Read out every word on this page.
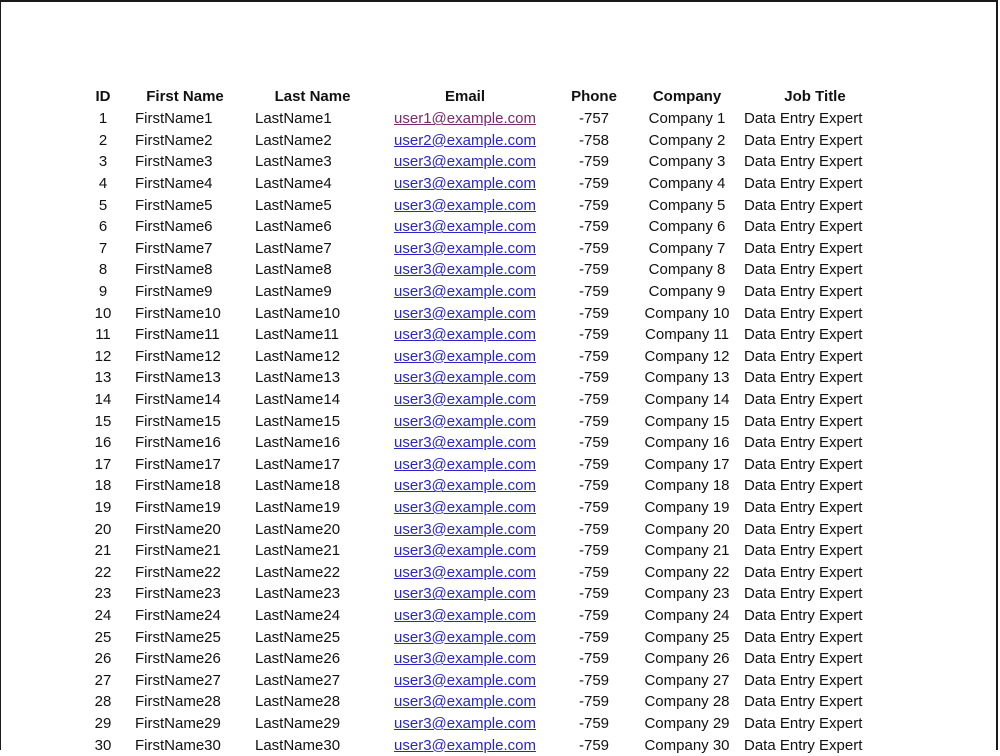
ID	First Name	Last Name	Email	Phone	Company	Job Title
1	FirstName1	LastName1	user1@example.com	-757	Company 1	Data Entry Expert
2	FirstName2	LastName2	user2@example.com	-758	Company 2	Data Entry Expert
3	FirstName3	LastName3	user3@example.com	-759	Company 3	Data Entry Expert
4	FirstName4	LastName4	user3@example.com	-759	Company 4	Data Entry Expert
5	FirstName5	LastName5	user3@example.com	-759	Company 5	Data Entry Expert
6	FirstName6	LastName6	user3@example.com	-759	Company 6	Data Entry Expert
7	FirstName7	LastName7	user3@example.com	-759	Company 7	Data Entry Expert
8	FirstName8	LastName8	user3@example.com	-759	Company 8	Data Entry Expert
9	FirstName9	LastName9	user3@example.com	-759	Company 9	Data Entry Expert
10	FirstName10	LastName10	user3@example.com	-759	Company 10	Data Entry Expert
11	FirstName11	LastName11	user3@example.com	-759	Company 11	Data Entry Expert
12	FirstName12	LastName12	user3@example.com	-759	Company 12	Data Entry Expert
13	FirstName13	LastName13	user3@example.com	-759	Company 13	Data Entry Expert
14	FirstName14	LastName14	user3@example.com	-759	Company 14	Data Entry Expert
15	FirstName15	LastName15	user3@example.com	-759	Company 15	Data Entry Expert
16	FirstName16	LastName16	user3@example.com	-759	Company 16	Data Entry Expert
17	FirstName17	LastName17	user3@example.com	-759	Company 17	Data Entry Expert
18	FirstName18	LastName18	user3@example.com	-759	Company 18	Data Entry Expert
19	FirstName19	LastName19	user3@example.com	-759	Company 19	Data Entry Expert
20	FirstName20	LastName20	user3@example.com	-759	Company 20	Data Entry Expert
21	FirstName21	LastName21	user3@example.com	-759	Company 21	Data Entry Expert
22	FirstName22	LastName22	user3@example.com	-759	Company 22	Data Entry Expert
23	FirstName23	LastName23	user3@example.com	-759	Company 23	Data Entry Expert
24	FirstName24	LastName24	user3@example.com	-759	Company 24	Data Entry Expert
25	FirstName25	LastName25	user3@example.com	-759	Company 25	Data Entry Expert
26	FirstName26	LastName26	user3@example.com	-759	Company 26	Data Entry Expert
27	FirstName27	LastName27	user3@example.com	-759	Company 27	Data Entry Expert
28	FirstName28	LastName28	user3@example.com	-759	Company 28	Data Entry Expert
29	FirstName29	LastName29	user3@example.com	-759	Company 29	Data Entry Expert
30	FirstName30	LastName30	user3@example.com	-759	Company 30	Data Entry Expert
